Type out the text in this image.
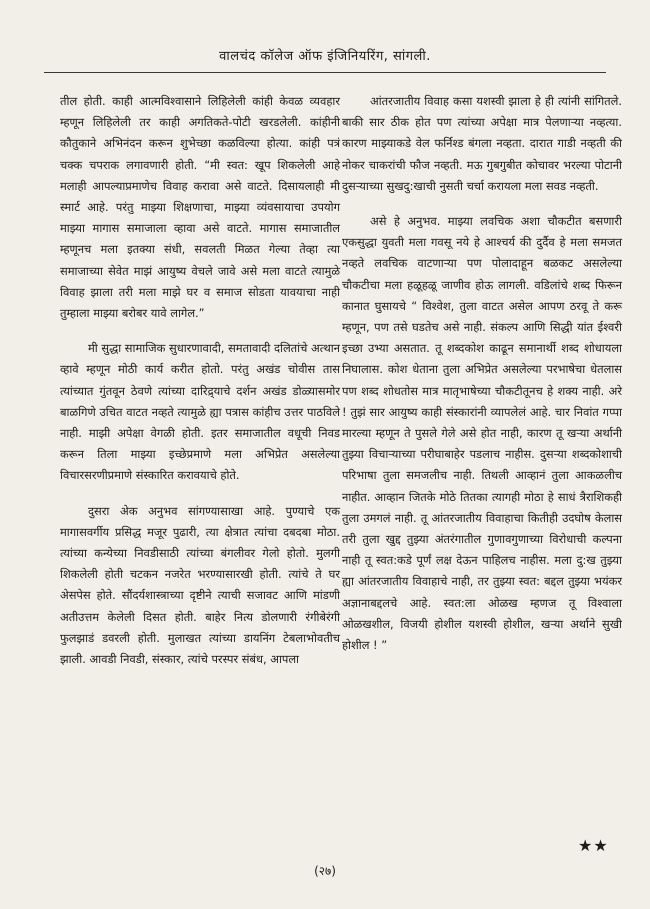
वालचंद कॉलेज ऑफ इंजिनियरिंग, सांगली.

तील होती. काही आत्मविश्वासाने लिहिलेली कांही केवळ व्यवहार म्हणून लिहिलेली तर काही अगतिकते-पोटी खरडलेली. कांहीनी कौतुकाने अभिनंदन करून शुभेच्छा कळविल्या होत्या. कांही पत्रं चक्क चपराक लगावणारी होती. “मी स्वत: खूप शिकलेली आहे मलाही आपल्याप्रमाणेच विवाह करावा असे वाटते. दिसायलाही मी स्मार्ट आहे. परंतु माझ्या शिक्षणाचा, माझ्या व्यंवसायाचा उपयोग माझ्या मागास समाजाला व्हावा असे वाटते. मागास समाजातील म्हणूनच मला इतक्या संधी, सवलती मिळत गेल्या तेव्हा त्या समाजाच्या सेवेत माझं आयुष्य वेचले जावे असे मला वाटते त्यामुळे विवाह झाला तरी मला माझे घर व समाज सोडता यावयाचा नाही तुम्हाला माझ्या बरोबर यावे लागेल.”

मी सुद्धा सामाजिक सुधारणावादी, समतावादी दलितांचे अत्थान व्हावे म्हणून मोठी कार्य करीत होतो. परंतु अखंड चोवीस तास त्यांच्यात गुंतवून ठेवणे त्यांच्या दारिद्र्याचे दर्शन अखंड डोळ्यासमोर बाळगिणे उचित वाटत नव्हते त्यामुळे ह्या पत्रास कांहीच उत्तर पाठविले नाही. माझी अपेक्षा वेगळी होती. इतर समाजातील वधूची निवड करून तिला माझ्या इच्छेप्रमाणे मला अभिप्रेत असलेल्या विचारसरणीप्रमाणे संस्कारित करावयाचे होते.

दुसरा अेक अनुभव सांगण्यासाखा आहे. पुण्याचे एक मागासवर्गीय प्रसिद्ध मजूर पुढारी, त्या क्षेत्रात त्यांचा दबदबा मोठा. त्यांच्या कन्येच्या निवडीसाठी त्यांच्या बंगलीवर गेलो होतो. मुलगी शिकलेली होती चटकन नजरेत भरण्यासारखी होती. त्यांचे ते घर अेसपेस होते. सौंदर्यशास्त्राच्या दृष्टीने त्याची सजावट आणि मांडणी अतीउत्तम केलेली दिसत होती. बाहेर नित्य डोलणारी रंगीबेरंगी फुलझाडं डवरली होती. मुलाखत त्यांच्या डायनिंग टेबलाभोवतीच झाली. आवडी निवडी, संस्कार, त्यांचे परस्पर संबंध, आपला

आंतरजातीय विवाह कसा यशस्वी झाला हे ही त्यांनी सांगितले. बाकी सार ठीक होत पण त्यांच्या अपेक्षा मात्र पेलणाऱ्या नव्हत्या. कारण माझ्याकडे वेल फर्निश्ड बंगला नव्हता. दारात गाडी नव्हती की नोकर चाकरांची फौज नव्हती. मऊ गुबगुबीत कोचावर भरल्या पोटानी दुसऱ्याच्या सुखदु:खाची नुसती चर्चा करायला मला सवड नव्हती.

असे हे अनुभव. माझ्या लवचिक अशा चौकटीत बसणारी एकसुद्धा युवती मला गवसू नये हे आश्चर्य की दुर्दैव हे मला समजत नव्हते लवचिक वाटणाऱ्या पण पोलादाहून बळकट असलेल्या चौकटीचा मला हळूहळू जाणीव होऊ लागली. वडिलांचे शब्द फिरून कानात घुसायचे “ विश्वेश, तुला वाटत असेल आपण ठरवू ते करू म्हणून, पण तसे घडतेच असे नाही. संकल्प आणि सिद्धी यांत ईश्वरी इच्छा उभ्या असतात. तू शब्दकोश काढून समानार्थी शब्द शोधायला निघालास. कोश धेताना तुला अभिप्रेत असलेल्या परभाषेचा धेतलास पण शब्द शोधतोस मात्र मातृभाषेच्या चौकटीतूनच हे शक्य नाही. अरे ! तुझं सार आयुष्य काही संस्कारांनी व्यापलेलं आहे. चार निवांत गप्पा मारल्या म्हणून ते पुसले गेले असे होत नाही, कारण तू खऱ्या अर्थानी तुझ्या विचाऱ्याच्या परीघाबाहेर पडलाच नाहीस. दुसऱ्या शब्दकोशाची परिभाषा तुला समजलीच नाही. तिथली आव्हानं तुला आकळलीच नाहीत. आव्हान जितके मोठे तितका त्यागही मोठा हे साधं त्रैराशिकही तुला उमगलं नाही. तू आंतरजातीय विवाहाचा कितीही उदघोष केलास तरी तुला खुद्द तुझ्या अंतरंगातील गुणावगुणाच्या विरोधाची कल्पना नाही तू स्वत:कडे पूर्णं लक्ष देऊन पाहिलच नाहीस. मला दु:ख तुझ्या ह्या आंतरजातीय विवाहाचे नाही, तर तुझ्या स्वत: बद्दल तुझ्या भयंकर अज्ञानाबद्दलचे आहे. स्वत:ला ओळख म्हणज तू विश्वाला ओळखशील, विजयी होशील यशस्वी होशील, खऱ्या अर्थाने सुखी होशील ! ”

★★
(२७)
